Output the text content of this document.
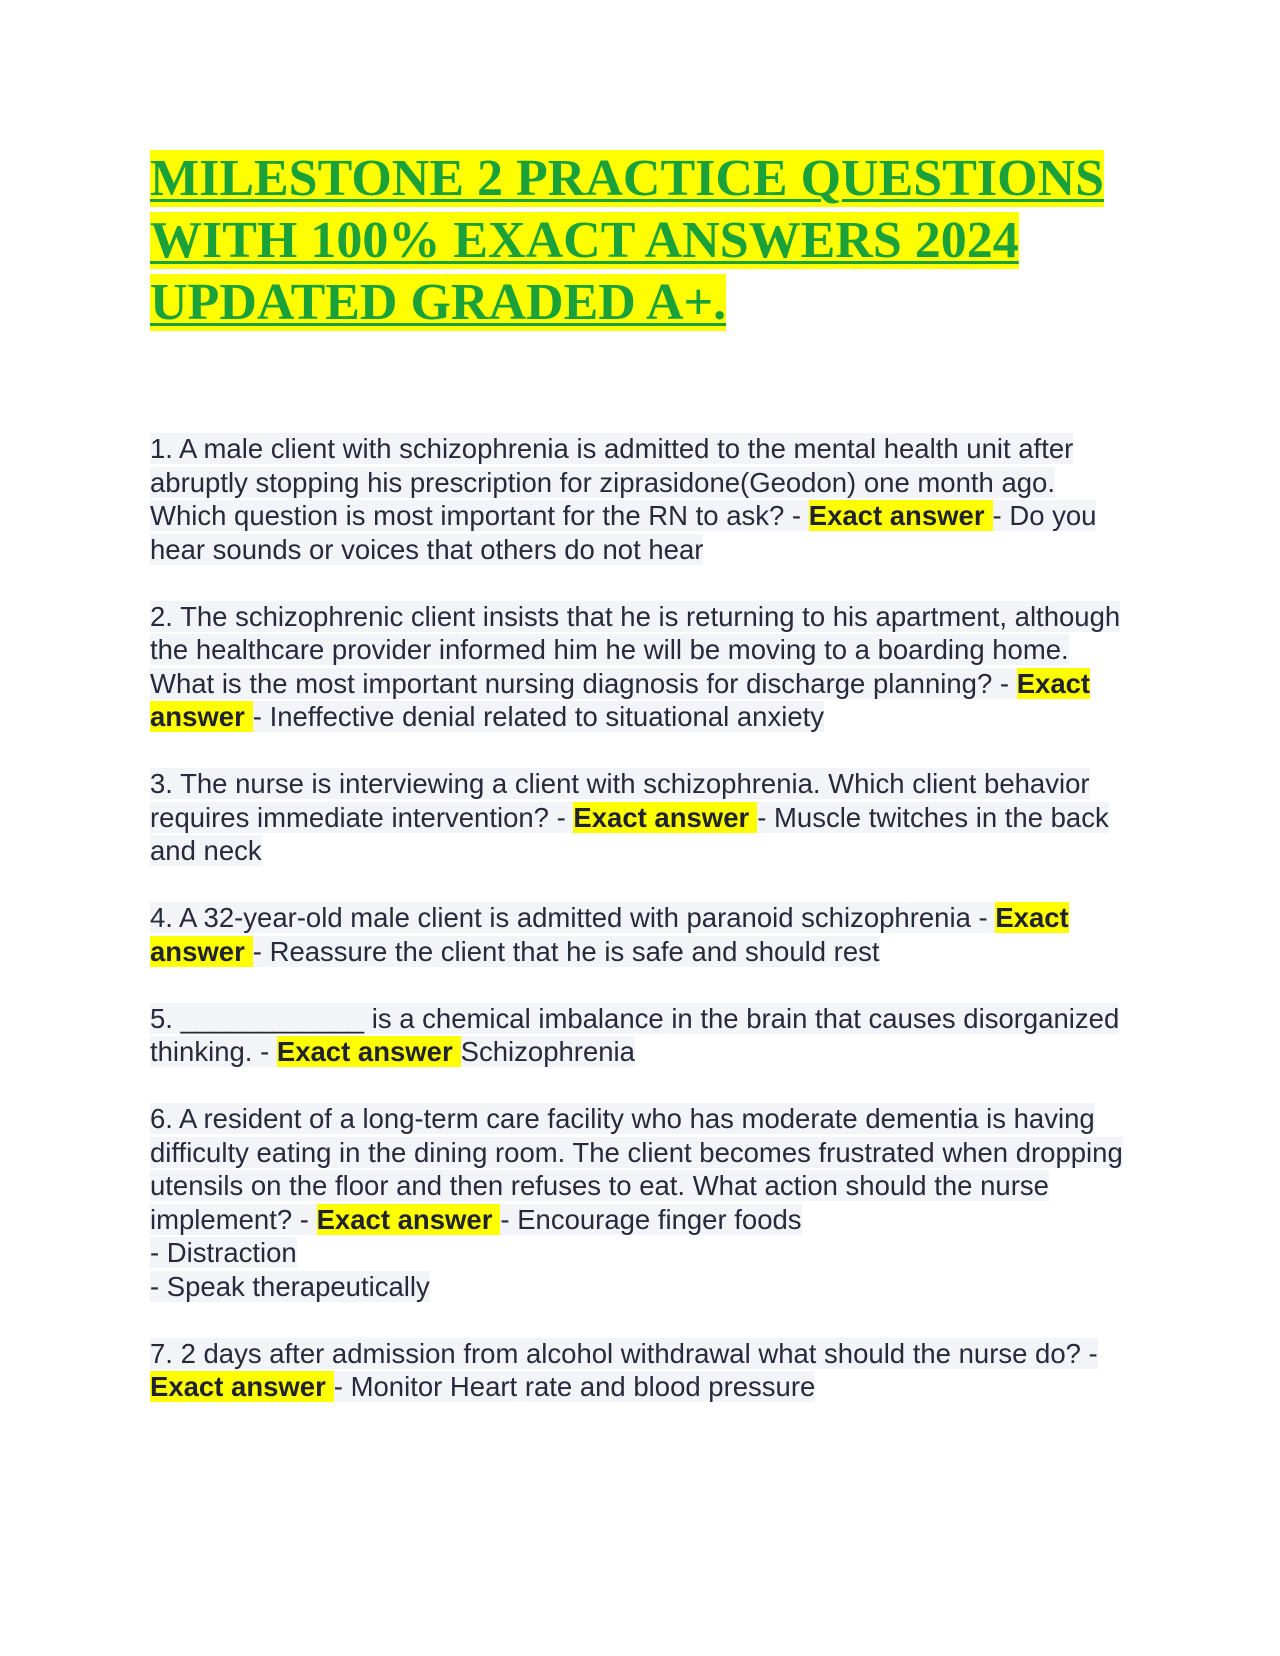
MILESTONE 2 PRACTICE QUESTIONS WITH 100% EXACT ANSWERS 2024 UPDATED GRADED A+.

1. A male client with schizophrenia is admitted to the mental health unit after abruptly stopping his prescription for ziprasidone(Geodon) one month ago. Which question is most important for the RN to ask? - Exact answer - Do you hear sounds or voices that others do not hear

2. The schizophrenic client insists that he is returning to his apartment, although the healthcare provider informed him he will be moving to a boarding home. What is the most important nursing diagnosis for discharge planning? - Exact answer - Ineffective denial related to situational anxiety

3. The nurse is interviewing a client with schizophrenia. Which client behavior requires immediate intervention? - Exact answer - Muscle twitches in the back and neck

4. A 32-year-old male client is admitted with paranoid schizophrenia - Exact answer - Reassure the client that he is safe and should rest

5. ____________ is a chemical imbalance in the brain that causes disorganized thinking. - Exact answer Schizophrenia

6. A resident of a long-term care facility who has moderate dementia is having difficulty eating in the dining room. The client becomes frustrated when dropping utensils on the floor and then refuses to eat. What action should the nurse implement? - Exact answer - Encourage finger foods
- Distraction
- Speak therapeutically

7. 2 days after admission from alcohol withdrawal what should the nurse do? - Exact answer - Monitor Heart rate and blood pressure
